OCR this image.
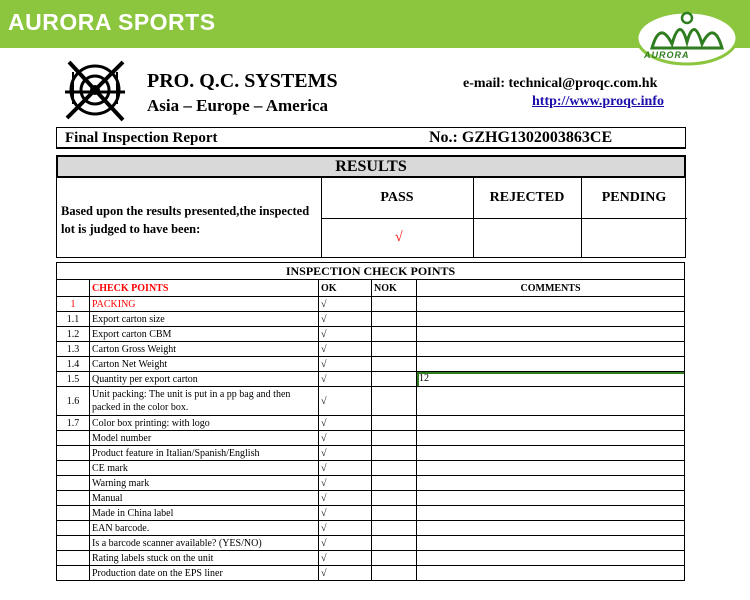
AURORA SPORTS
AURORA
PRO. Q.C. SYSTEMS
Asia – Europe – America
e-mail: technical@proqc.com.hk
http://www.proqc.info
Final Inspection Report	No.: GZHG1302003863CE
RESULTS
Based upon the results presented,the inspected lot is judged to have been:
PASS	REJECTED	PENDING
√
INSPECTION CHECK POINTS				
	CHECK POINTS	OK	NOK	COMMENTS
1	PACKING	√		
1.1	Export carton size	√		
1.2	Export carton CBM	√		
1.3	Carton Gross Weight	√		
1.4	Carton Net Weight	√		
1.5	Quantity per export carton	√		12
1.6	Unit packing: The unit is put in a pp bag and then packed in the color box.	√		
1.7	Color box printing: with logo	√		
	Model number	√		
	Product feature in Italian/Spanish/English	√		
	CE mark	√		
	Warning mark	√		
	Manual	√		
	Made in China label	√		
	EAN barcode.	√		
	Is a barcode scanner available? (YES/NO)	√		
	Rating labels stuck on the unit	√		
	Production date on the EPS liner	√		
